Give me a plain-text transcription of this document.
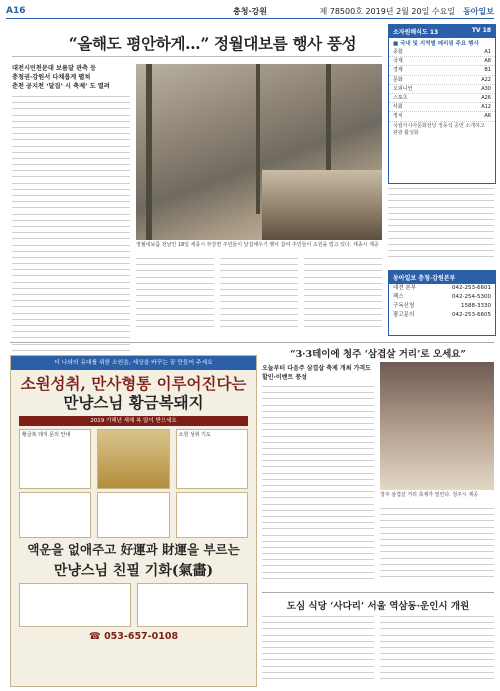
A16	충청·강원	제 78500호 2019년 2월 20일 수요일 동아일보
“올해도 평안하게…” 정월대보름 행사 풍성
대전시민천문대 보름달 관측 등
충청권·강원서 다채롭게 펼쳐
춘천 공지천 ‘달집’ 시 축제’ 도 열려
정월대보름 전날인 18일 세종시 부강면 주민들이 달집태우기 행사 참여 주민들이 소원을 빌고 있다. 세종시 제공
소자원해식도 13	TV 18
■ 국내 및 지역별 메리핑 주요 행사
종합	A1
국제	A8
경제	B1
문화	A22
오피니언	A30
스포츠	A26
사회	A12
정치	A6
국립아시아문화전당 정동석 공연 소개하고 관광 활성화
동아일보 충청·강원본부
대전 본부	042-253-6601
팩스	042-254-5300
구독신청	1588-3330
광고문의	042-253-6605
더 나와의 유대를 위한 소원을, 세상을 바꾸는 꿈 만들어 주세요
소원성취, 만사형통 이루어진다는
만냥스님 황금복돼지
2019 기해년 새해 복 많이 받으세요
황금복 돼지 문의 안내	소원 성취 기도
액운을 없애주고 好運과 財運을 부르는
만냥스님 친필 기화(氣畵)
☎ 053-657-0108
“3·3테이에 청주 ‘삼겹살 거리’로 오세요”
오늘부터 다음주 삼겹살 축제 개최 가격도 할인·이벤트 풍성
청주 삼겹살 거리 축제가 열린다. 청주시 제공
도심 식당 ‘사다리’ 서울 역삼동·운인시 개원
